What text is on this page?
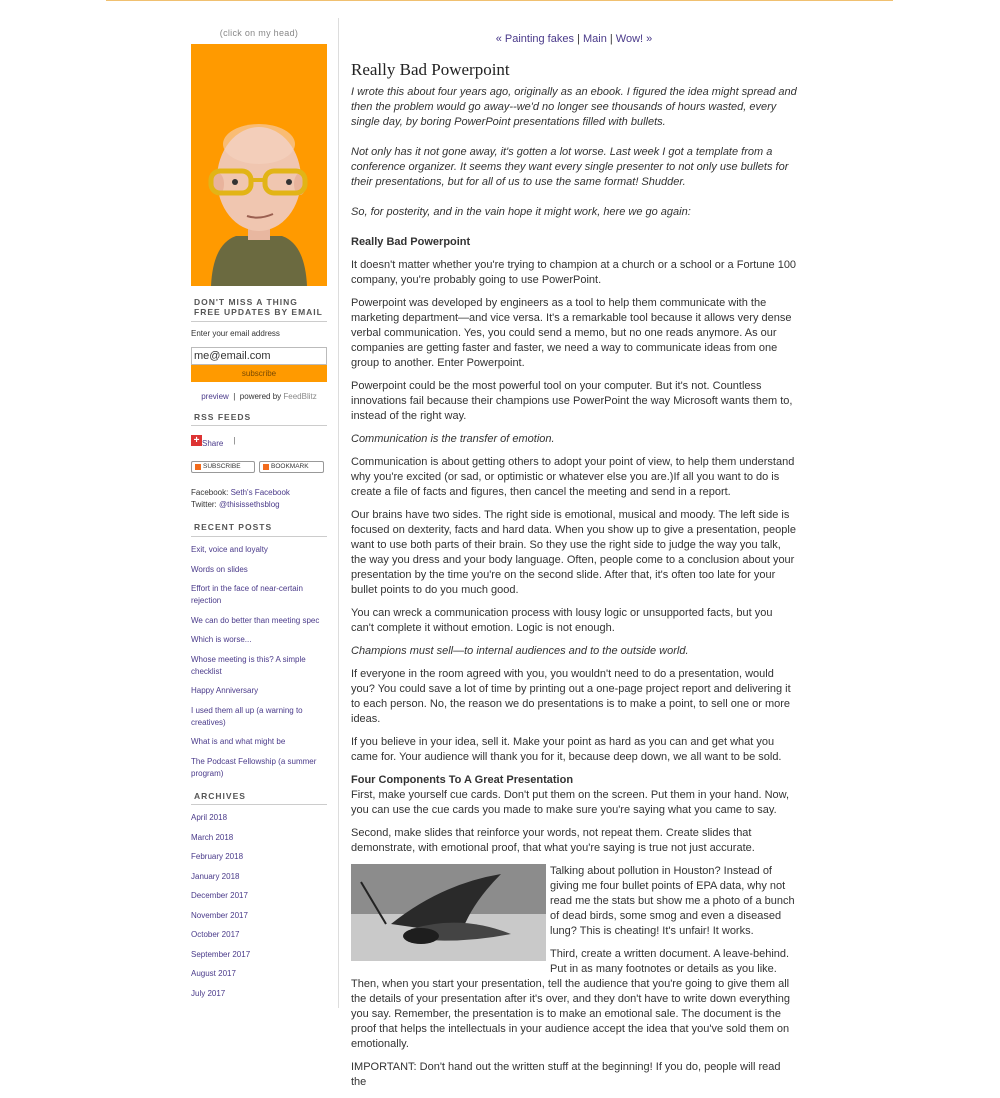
(click on my head)
DON'T MISS A THING
FREE UPDATES BY EMAIL
Enter your email address
me@email.com
subscribe
preview | powered by FeedBlitz
RSS FEEDS
+ Share |
SUBSCRIBE	BOOKMARK
Facebook: Seth's Facebook
Twitter: @thisissethsblog
RECENT POSTS
Exit, voice and loyalty
Words on slides
Effort in the face of near-certain rejection
We can do better than meeting spec
Which is worse...
Whose meeting is this? A simple checklist
Happy Anniversary
I used them all up (a warning to creatives)
What is and what might be
The Podcast Fellowship (a summer program)
ARCHIVES
April 2018
March 2018
February 2018
January 2018
December 2017
November 2017
October 2017
September 2017
August 2017
July 2017
« Painting fakes | Main | Wow! »
Really Bad Powerpoint

I wrote this about four years ago, originally as an ebook. I figured the idea might spread and then the problem would go away--we'd no longer see thousands of hours wasted, every single day, by boring PowerPoint presentations filled with bullets.

Not only has it not gone away, it's gotten a lot worse. Last week I got a template from a conference organizer. It seems they want every single presenter to not only use bullets for their presentations, but for all of us to use the same format! Shudder.

So, for posterity, and in the vain hope it might work, here we go again:

Really Bad Powerpoint

It doesn't matter whether you're trying to champion at a church or a school or a Fortune 100 company, you're probably going to use PowerPoint.

Powerpoint was developed by engineers as a tool to help them communicate with the marketing department—and vice versa. It's a remarkable tool because it allows very dense verbal communication. Yes, you could send a memo, but no one reads anymore. As our companies are getting faster and faster, we need a way to communicate ideas from one group to another. Enter Powerpoint.

Powerpoint could be the most powerful tool on your computer. But it's not. Countless innovations fail because their champions use PowerPoint the way Microsoft wants them to, instead of the right way.

Communication is the transfer of emotion.

Communication is about getting others to adopt your point of view, to help them understand why you're excited (or sad, or optimistic or whatever else you are.)If all you want to do is create a file of facts and figures, then cancel the meeting and send in a report.

Our brains have two sides. The right side is emotional, musical and moody. The left side is focused on dexterity, facts and hard data. When you show up to give a presentation, people want to use both parts of their brain. So they use the right side to judge the way you talk, the way you dress and your body language. Often, people come to a conclusion about your presentation by the time you're on the second slide. After that, it's often too late for your bullet points to do you much good.

You can wreck a communication process with lousy logic or unsupported facts, but you can't complete it without emotion. Logic is not enough.

Champions must sell—to internal audiences and to the outside world.

If everyone in the room agreed with you, you wouldn't need to do a presentation, would you? You could save a lot of time by printing out a one-page project report and delivering it to each person. No, the reason we do presentations is to make a point, to sell one or more ideas.

If you believe in your idea, sell it. Make your point as hard as you can and get what you came for. Your audience will thank you for it, because deep down, we all want to be sold.

Four Components To A Great Presentation

First, make yourself cue cards. Don't put them on the screen. Put them in your hand. Now, you can use the cue cards you made to make sure you're saying what you came to say.

Second, make slides that reinforce your words, not repeat them. Create slides that demonstrate, with emotional proof, that what you're saying is true not just accurate.

Talking about pollution in Houston? Instead of giving me four bullet points of EPA data, why not read me the stats but show me a photo of a bunch of dead birds, some smog and even a diseased lung? This is cheating! It's unfair! It works.

Third, create a written document. A leave-behind. Put in as many footnotes or details as you like. Then, when you start your presentation, tell the audience that you're going to give them all the details of your presentation after it's over, and they don't have to write down everything you say. Remember, the presentation is to make an emotional sale. The document is the proof that helps the intellectuals in your audience accept the idea that you've sold them on emotionally.

IMPORTANT: Don't hand out the written stuff at the beginning! If you do, people will read the
